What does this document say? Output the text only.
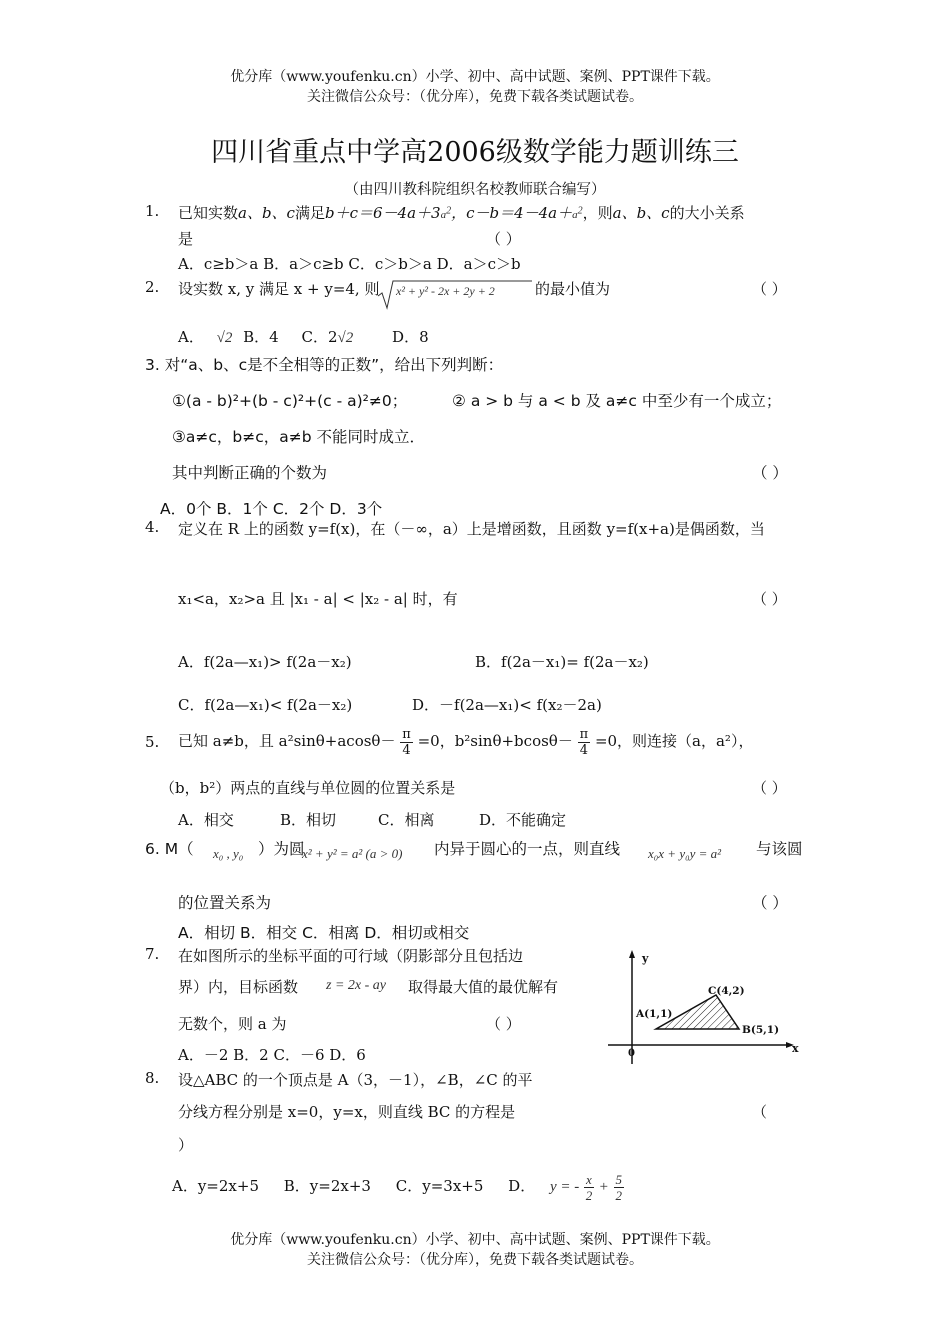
优分库（www.youfenku.cn）小学、初中、高中试题、案例、PPT课件下载。
关注微信公众号：（优分库），免费下载各类试题试卷。
四川省重点中学高2006级数学能力题训练三
（由四川教科院组织名校教师联合编写）
1. 已知实数a、b、c满足$b+c=6-4a+3a^2$，$c-b=4-4a+a^2$，则a、b、c的大小关系
是	（ ）
A．c≥b＞a B．a＞c≥b C．c＞b＞a D．a＞c＞b
2. 设实数 x, y 满足 x + y=4, 则 x² + y² - 2x + 2y + 2	的最小值为	（ ）
A． √2 B．4 C．2√2	D．8
3. 对“a、b、c是不全相等的正数”，给出下列判断：
①(a - b)²+(b - c)²+(c - a)²≠0；	② a > b 与 a < b 及 a≠c 中至少有一个成立；
③a≠c，b≠c，a≠b 不能同时成立．
其中判断正确的个数为	（ ）
A．0个 B．1个 C．2个 D．3个
4. 定义在 R 上的函数 y=f(x)，在（－∞，a）上是增函数，且函数 y=f(x+a)是偶函数，当
x₁<a，x₂>a 且 |x₁ - a| < |x₂ - a| 时，有	（ ）
A．f(2a—x₁)> f(2a－x₂)	B．f(2a－x₁)= f(2a－x₂)
C．f(2a—x₁)< f(2a－x₂)	D．－f(2a—x₁)< f(x₂－2a)
5. 已知 a≠b，且 $a^2\sin\theta+acos\theta- \frac{\pi}{4} =0$，$b^2\sin\theta+bcos\theta- \frac{\pi}{4} =0$，则连接（a，a²），
（b，b²）两点的直线与单位圆的位置关系是	（ ）
A．相交	B．相切	C．相离	D．不能确定
6. M（ x₀ , y₀ ）为圆
x² + y² = a² (a > 0) 内异于圆心的一点，则直线 x₀x + y₀y = a² 与该圆
的位置关系为	（ ）
A．相切 B．相交 C．相离 D．相切或相交
7. 在如图所示的坐标平面的可行域（阴影部分且包括边
界）内，目标函数 z = 2x - ay 取得最大值的最优解有
无数个，则 a 为	（ ）
A．－2 B．2 C．－6 D．6
y
x
0
A(1,1)
B(5,1)
C(4,2)
8. 设△ABC 的一个顶点是 A（3，－1），∠B，∠C 的平
分线方程分别是 x=0，y=x，则直线 BC 的方程是	（
）
A．y=2x+5 B．y=2x+3 C．y=3x+5 D． y = - $\frac{x}{2} + \frac{5}{2}$
优分库（www.youfenku.cn）小学、初中、高中试题、案例、PPT课件下载。
关注微信公众号：（优分库），免费下载各类试题试卷。
